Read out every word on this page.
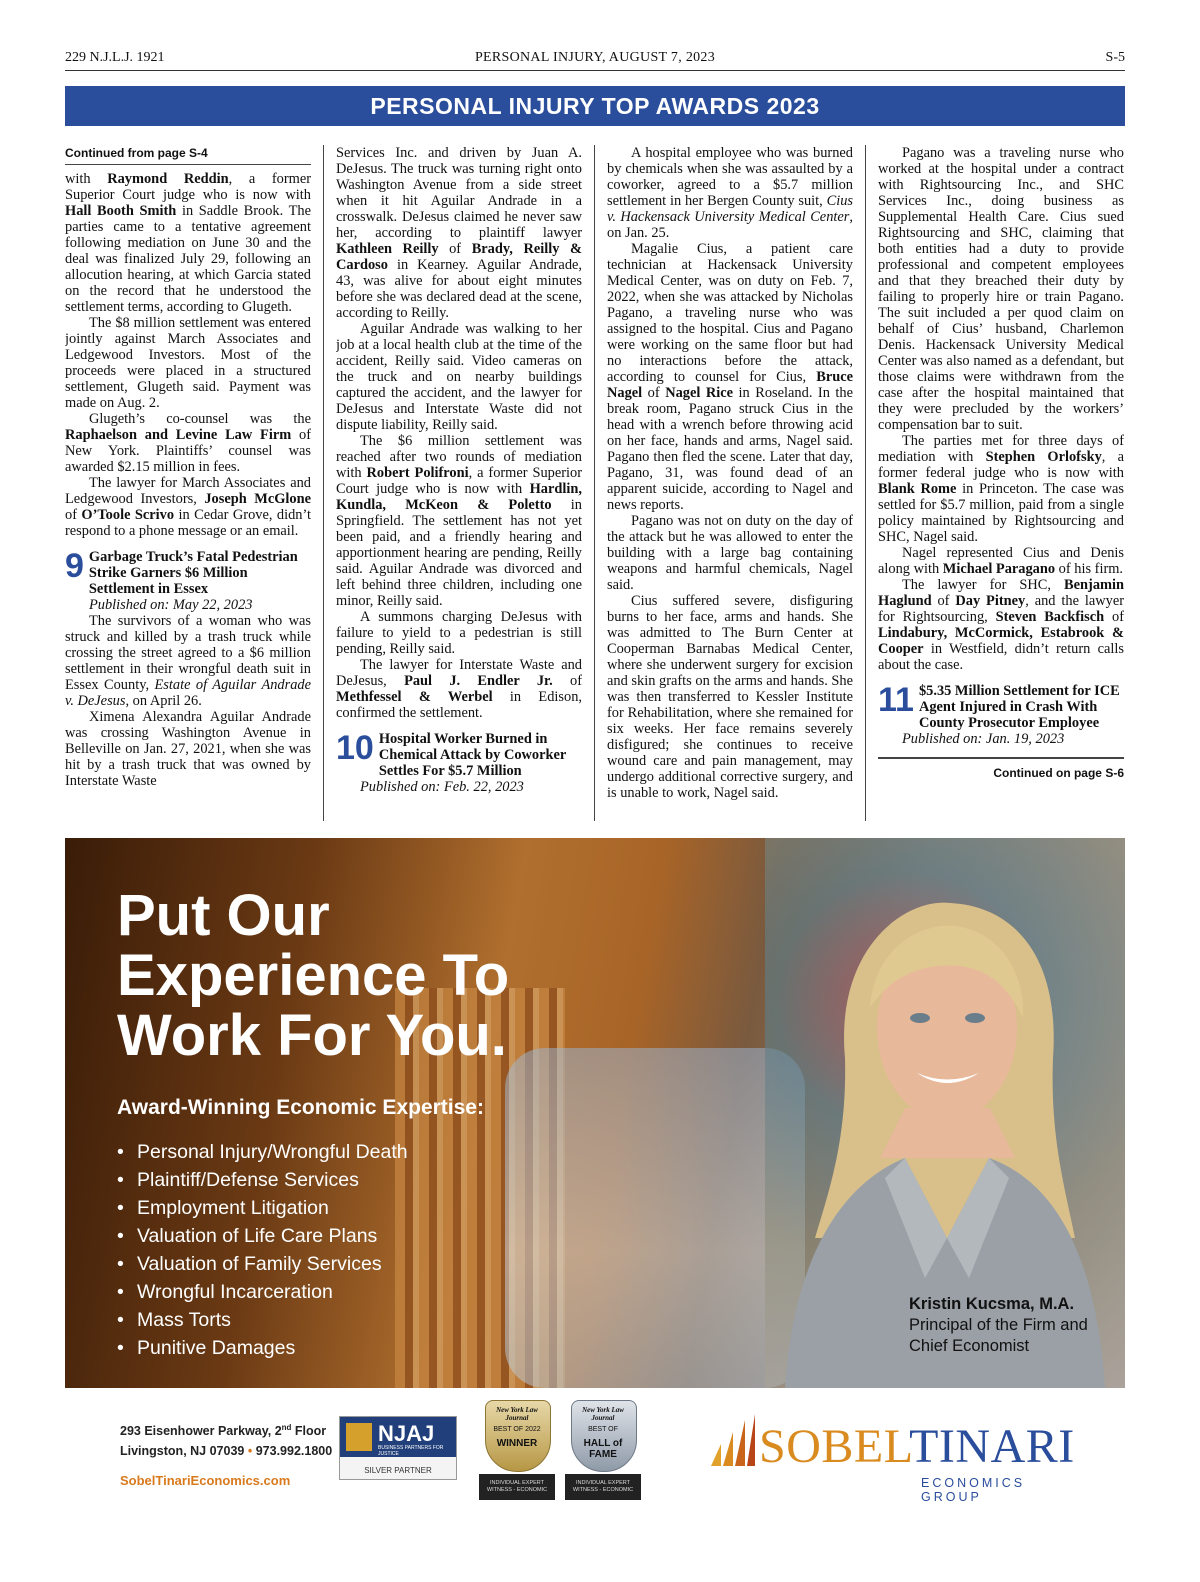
229 N.J.L.J. 1921	PERSONAL INJURY, AUGUST 7, 2023	S-5
PERSONAL INJURY TOP AWARDS 2023
Continued from page S-4

with Raymond Reddin, a former Superior Court judge who is now with Hall Booth Smith in Saddle Brook. The parties came to a tentative agreement following mediation on June 30 and the deal was finalized July 29, following an allocution hearing, at which Garcia stated on the record that he understood the settlement terms, according to Glugeth.

The $8 million settlement was entered jointly against March Associates and Ledgewood Investors. Most of the proceeds were placed in a structured settlement, Glugeth said. Payment was made on Aug. 2.

Glugeth’s co-counsel was the Raphaelson and Levine Law Firm of New York. Plaintiffs’ counsel was awarded $2.15 million in fees.

The lawyer for March Associates and Ledgewood Investors, Joseph McGlone of O’Toole Scrivo in Cedar Grove, didn’t respond to a phone message or an email.

9 Garbage Truck’s Fatal Pedestrian Strike Garners $6 Million Settlement in Essex

Published on: May 22, 2023

The survivors of a woman who was struck and killed by a trash truck while crossing the street agreed to a $6 million settlement in their wrongful death suit in Essex County, Estate of Aguilar Andrade v. DeJesus, on April 26.

Ximena Alexandra Aguilar Andrade was crossing Washington Avenue in Belleville on Jan. 27, 2021, when she was hit by a trash truck that was owned by Interstate Waste

Services Inc. and driven by Juan A. DeJesus. The truck was turning right onto Washington Avenue from a side street when it hit Aguilar Andrade in a crosswalk. DeJesus claimed he never saw her, according to plaintiff lawyer Kathleen Reilly of Brady, Reilly & Cardoso in Kearney. Aguilar Andrade, 43, was alive for about eight minutes before she was declared dead at the scene, according to Reilly.

Aguilar Andrade was walking to her job at a local health club at the time of the accident, Reilly said. Video cameras on the truck and on nearby buildings captured the accident, and the lawyer for DeJesus and Interstate Waste did not dispute liability, Reilly said.

The $6 million settlement was reached after two rounds of mediation with Robert Polifroni, a former Superior Court judge who is now with Hardlin, Kundla, McKeon & Poletto in Springfield. The settlement has not yet been paid, and a friendly hearing and apportionment hearing are pending, Reilly said. Aguilar Andrade was divorced and left behind three children, including one minor, Reilly said.

A summons charging DeJesus with failure to yield to a pedestrian is still pending, Reilly said.

The lawyer for Interstate Waste and DeJesus, Paul J. Endler Jr. of Methfessel & Werbel in Edison, confirmed the settlement.

10 Hospital Worker Burned in Chemical Attack by Coworker Settles For $5.7 Million

Published on: Feb. 22, 2023

A hospital employee who was burned by chemicals when she was assaulted by a coworker, agreed to a $5.7 million settlement in her Bergen County suit, Cius v. Hackensack University Medical Center, on Jan. 25.

Magalie Cius, a patient care technician at Hackensack University Medical Center, was on duty on Feb. 7, 2022, when she was attacked by Nicholas Pagano, a traveling nurse who was assigned to the hospital. Cius and Pagano were working on the same floor but had no interactions before the attack, according to counsel for Cius, Bruce Nagel of Nagel Rice in Roseland. In the break room, Pagano struck Cius in the head with a wrench before throwing acid on her face, hands and arms, Nagel said. Pagano then fled the scene. Later that day, Pagano, 31, was found dead of an apparent suicide, according to Nagel and news reports.

Pagano was not on duty on the day of the attack but he was allowed to enter the building with a large bag containing weapons and harmful chemicals, Nagel said.

Cius suffered severe, disfiguring burns to her face, arms and hands. She was admitted to The Burn Center at Cooperman Barnabas Medical Center, where she underwent surgery for excision and skin grafts on the arms and hands. She was then transferred to Kessler Institute for Rehabilitation, where she remained for six weeks. Her face remains severely disfigured; she continues to receive wound care and pain management, may undergo additional corrective surgery, and is unable to work, Nagel said.

Pagano was a traveling nurse who worked at the hospital under a contract with Rightsourcing Inc., and SHC Services Inc., doing business as Supplemental Health Care. Cius sued Rightsourcing and SHC, claiming that both entities had a duty to provide professional and competent employees and that they breached their duty by failing to properly hire or train Pagano. The suit included a per quod claim on behalf of Cius’ husband, Charlemon Denis. Hackensack University Medical Center was also named as a defendant, but those claims were withdrawn from the case after the hospital maintained that they were precluded by the workers’ compensation bar to suit.

The parties met for three days of mediation with Stephen Orlofsky, a former federal judge who is now with Blank Rome in Princeton. The case was settled for $5.7 million, paid from a single policy maintained by Rightsourcing and SHC, Nagel said.

Nagel represented Cius and Denis along with Michael Paragano of his firm.

The lawyer for SHC, Benjamin Haglund of Day Pitney, and the lawyer for Rightsourcing, Steven Backfisch of Lindabury, McCormick, Estabrook & Cooper in Westfield, didn’t return calls about the case.

11 $5.35 Million Settlement for ICE Agent Injured in Crash With County Prosecutor Employee

Published on: Jan. 19, 2023

Continued on page S-6
Put Our Experience To Work For You.
Award-Winning Economic Expertise:
• Personal Injury/Wrongful Death
• Plaintiff/Defense Services
• Employment Litigation
• Valuation of Life Care Plans
• Valuation of Family Services
• Wrongful Incarceration
• Mass Torts
• Punitive Damages
Kristin Kucsma, M.A.
Principal of the Firm and
Chief Economist
293 Eisenhower Parkway, 2nd Floor
Livingston, NJ 07039 • 973.992.1800
SobelTinariEconomics.com
NJAJ
BUSINESS PARTNERS FOR JUSTICE
SILVER PARTNER
New York Law Journal
BEST OF 2022
WINNER
INDIVIDUAL EXPERT WITNESS - ECONOMIC
New York Law Journal
BEST OF
HALL of FAME
INDIVIDUAL EXPERT WITNESS - ECONOMIC
SOBELTINARI
ECONOMICS GROUP
